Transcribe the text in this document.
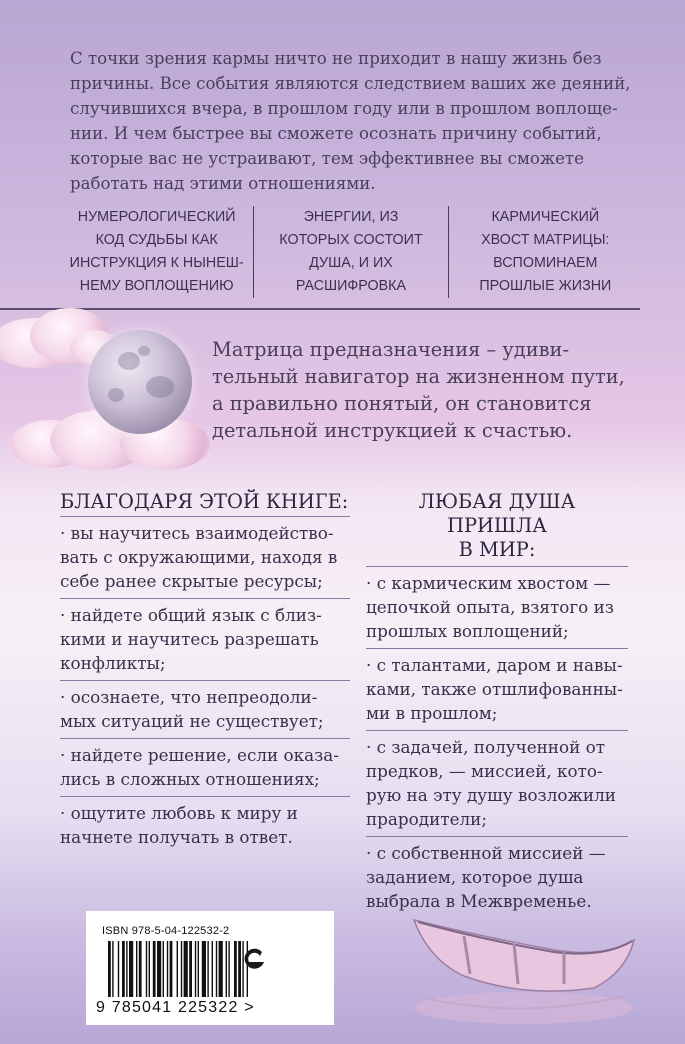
С точки зрения кармы ничто не приходит в нашу жизнь без
причины. Все события являются следствием ваших же деяний,
случившихся вчера, в прошлом году или в прошлом воплоще-
нии. И чем быстрее вы сможете осознать причину событий,
которые вас не устраивают, тем эффективнее вы сможете
работать над этими отношениями.
НУМЕРОЛОГИЧЕСКИЙ
КОД СУДЬБЫ КАК
ИНСТРУКЦИЯ К НЫНЕШ-
НЕМУ ВОПЛОЩЕНИЮ
ЭНЕРГИИ, ИЗ
КОТОРЫХ СОСТОИТ
ДУША, И ИХ
РАСШИФРОВКА
КАРМИЧЕСКИЙ
ХВОСТ МАТРИЦЫ:
ВСПОМИНАЕМ
ПРОШЛЫЕ ЖИЗНИ
Матрица предназначения – удиви-
тельный навигатор на жизненном пути,
а правильно понятый, он становится
детальной инструкцией к счастью.
БЛАГОДАРЯ ЭТОЙ КНИГЕ:
· вы научитесь взаимодейство-
вать с окружающими, находя в
себе ранее скрытые ресурсы;
· найдете общий язык с близ-
кими и научитесь разрешать
конфликты;
· осознаете, что непреодоли-
мых ситуаций не существует;
· найдете решение, если оказа-
лись в сложных отношениях;
· ощутите любовь к миру и
начнете получать в ответ.
ЛЮБАЯ ДУША ПРИШЛА
В МИР:
· с кармическим хвостом —
цепочкой опыта, взятого из
прошлых воплощений;
· с талантами, даром и навы-
ками, также отшлифованны-
ми в прошлом;
· с задачей, полученной от
предков, — миссией, кото-
рую на эту душу возложили
прародители;
· с собственной миссией —
заданием, которое душа
выбрала в Межвременье.
ISBN 978-5-04-122532-2
9 785041 225322 >
